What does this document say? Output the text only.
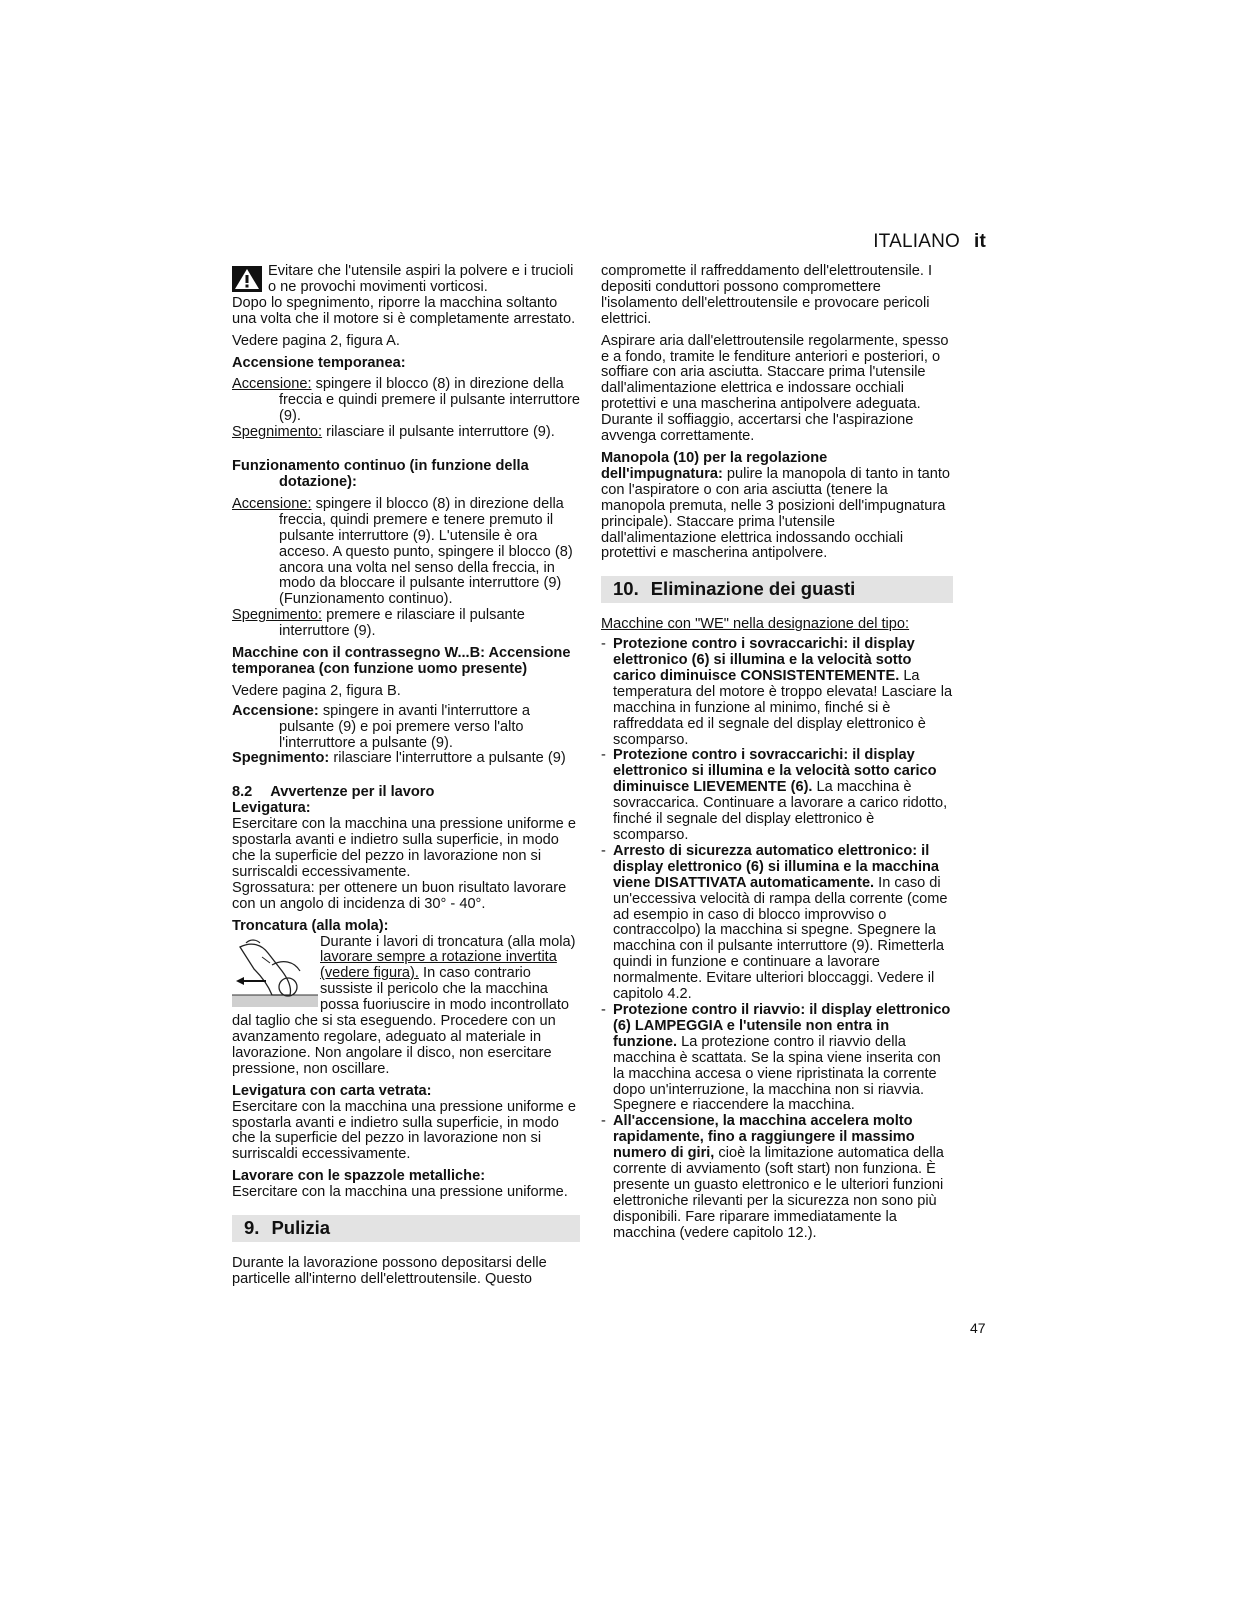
ITALIANO it
Evitare che l'utensile aspiri la polvere e i trucioli o ne provochi movimenti vorticosi.

Dopo lo spegnimento, riporre la macchina soltanto una volta che il motore si è completamente arrestato.

Vedere pagina 2, figura A.

Accensione temporanea:

Accensione: spingere il blocco (8) in direzione della freccia e quindi premere il pulsante interruttore (9).

Spegnimento: rilasciare il pulsante interruttore (9).

Funzionamento continuo (in funzione della dotazione):

Accensione: spingere il blocco (8) in direzione della freccia, quindi premere e tenere premuto il pulsante interruttore (9). L'utensile è ora acceso. A questo punto, spingere il blocco (8) ancora una volta nel senso della freccia, in modo da bloccare il pulsante interruttore (9) (Funzionamento continuo).

Spegnimento: premere e rilasciare il pulsante interruttore (9).

Macchine con il contrassegno W...B: Accensione temporanea (con funzione uomo presente)

Vedere pagina 2, figura B.

Accensione: spingere in avanti l'interruttore a pulsante (9) e poi premere verso l'alto l'interruttore a pulsante (9).

Spegnimento: rilasciare l'interruttore a pulsante (9)

8.2 Avvertenze per il lavoro

Levigatura:

Esercitare con la macchina una pressione uniforme e spostarla avanti e indietro sulla superficie, in modo che la superficie del pezzo in lavorazione non si surriscaldi eccessivamente.

Sgrossatura: per ottenere un buon risultato lavorare con un angolo di incidenza di 30° - 40°.

Troncatura (alla mola):

Durante i lavori di troncatura (alla mola) lavorare sempre a rotazione invertita (vedere figura). In caso contrario sussiste il pericolo che la macchina possa fuoriuscire in modo incontrollato dal taglio che si sta eseguendo. Procedere con un avanzamento regolare, adeguato al materiale in lavorazione. Non angolare il disco, non esercitare pressione, non oscillare.

Levigatura con carta vetrata:

Esercitare con la macchina una pressione uniforme e spostarla avanti e indietro sulla superficie, in modo che la superficie del pezzo in lavorazione non si surriscaldi eccessivamente.

Lavorare con le spazzole metalliche:

Esercitare con la macchina una pressione uniforme.

9. Pulizia

Durante la lavorazione possono depositarsi delle particelle all'interno dell'elettroutensile. Questo

compromette il raffreddamento dell'elettroutensile. I depositi conduttori possono compromettere l'isolamento dell'elettroutensile e provocare pericoli elettrici.

Aspirare aria dall'elettroutensile regolarmente, spesso e a fondo, tramite le fenditure anteriori e posteriori, o soffiare con aria asciutta. Staccare prima l'utensile dall'alimentazione elettrica e indossare occhiali protettivi e una mascherina antipolvere adeguata. Durante il soffiaggio, accertarsi che l'aspirazione avvenga correttamente.

Manopola (10) per la regolazione dell'impugnatura: pulire la manopola di tanto in tanto con l'aspiratore o con aria asciutta (tenere la manopola premuta, nelle 3 posizioni dell'impugnatura principale). Staccare prima l'utensile dall'alimentazione elettrica indossando occhiali protettivi e mascherina antipolvere.

10. Eliminazione dei guasti

Macchine con "WE" nella designazione del tipo:

- Protezione contro i sovraccarichi: il display elettronico (6) si illumina e la velocità sotto carico diminuisce CONSISTENTEMENTE. La temperatura del motore è troppo elevata! Lasciare la macchina in funzione al minimo, finché si è raffreddata ed il segnale del display elettronico è scomparso.
- Protezione contro i sovraccarichi: il display elettronico si illumina e la velocità sotto carico diminuisce LIEVEMENTE (6). La macchina è sovraccarica. Continuare a lavorare a carico ridotto, finché il segnale del display elettronico è scomparso.
- Arresto di sicurezza automatico elettronico: il display elettronico (6) si illumina e la macchina viene DISATTIVATA automaticamente. In caso di un'eccessiva velocità di rampa della corrente (come ad esempio in caso di blocco improvviso o contraccolpo) la macchina si spegne. Spegnere la macchina con il pulsante interruttore (9). Rimetterla quindi in funzione e continuare a lavorare normalmente. Evitare ulteriori bloccaggi. Vedere il capitolo 4.2.
- Protezione contro il riavvio: il display elettronico (6) LAMPEGGIA e l'utensile non entra in funzione. La protezione contro il riavvio della macchina è scattata. Se la spina viene inserita con la macchina accesa o viene ripristinata la corrente dopo un'interruzione, la macchina non si riavvia. Spegnere e riaccendere la macchina.
- All'accensione, la macchina accelera molto rapidamente, fino a raggiungere il massimo numero di giri, cioè la limitazione automatica della corrente di avviamento (soft start) non funziona. È presente un guasto elettronico e le ulteriori funzioni elettroniche rilevanti per la sicurezza non sono più disponibili. Fare riparare immediatamente la macchina (vedere capitolo 12.).
47
